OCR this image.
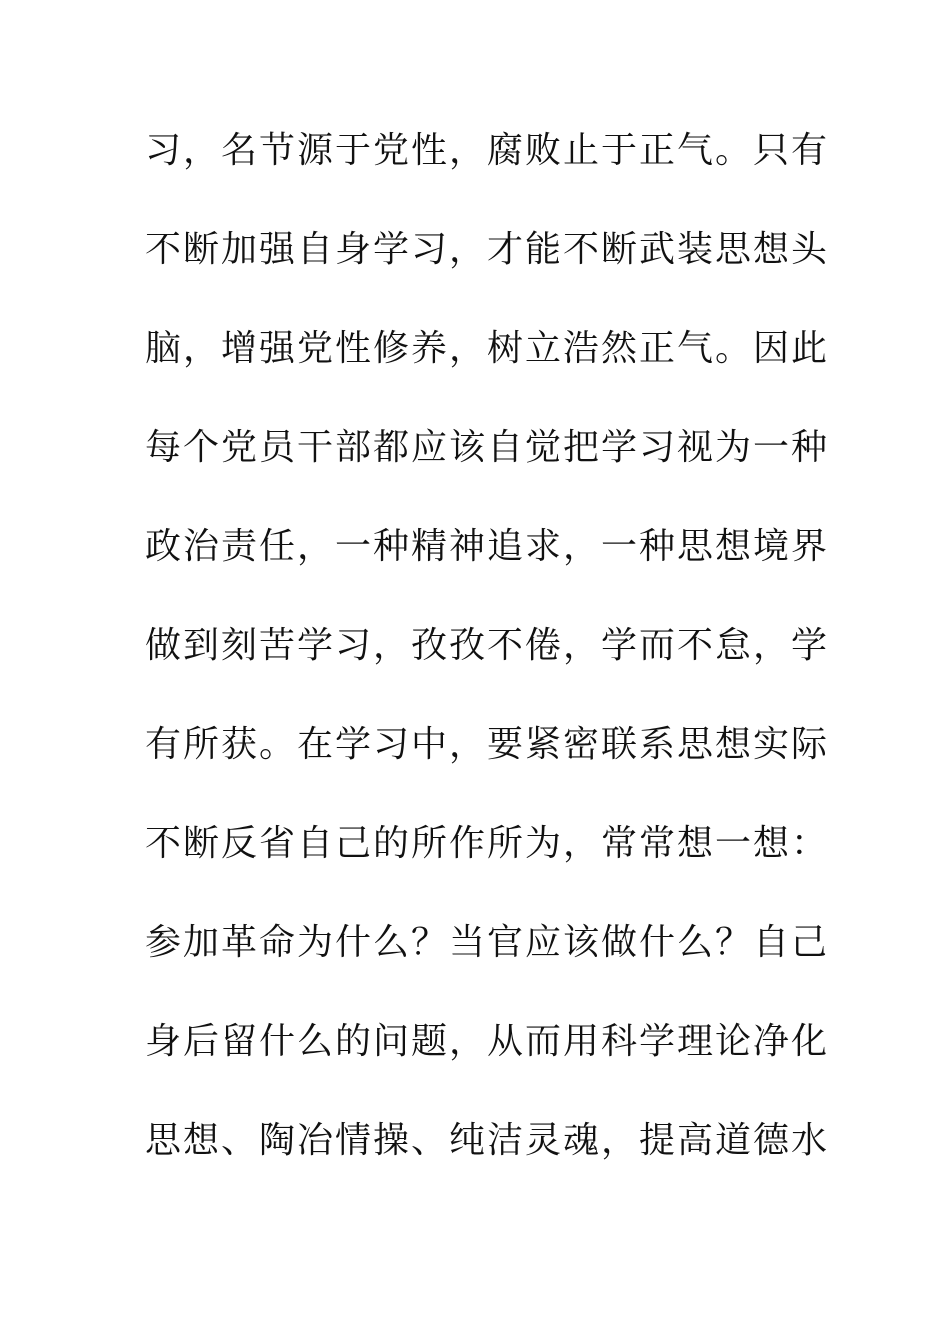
习，名节源于党性，腐败止于正气。只有
不断加强自身学习，才能不断武装思想头
脑，增强党性修养，树立浩然正气。因此
每个党员干部都应该自觉把学习视为一种
政治责任，一种精神追求，一种思想境界
做到刻苦学习，孜孜不倦，学而不怠，学
有所获。在学习中，要紧密联系思想实际
不断反省自己的所作所为，常常想一想：
参加革命为什么？当官应该做什么？自己
身后留什么的问题，从而用科学理论净化
思想、陶冶情操、纯洁灵魂，提高道德水
